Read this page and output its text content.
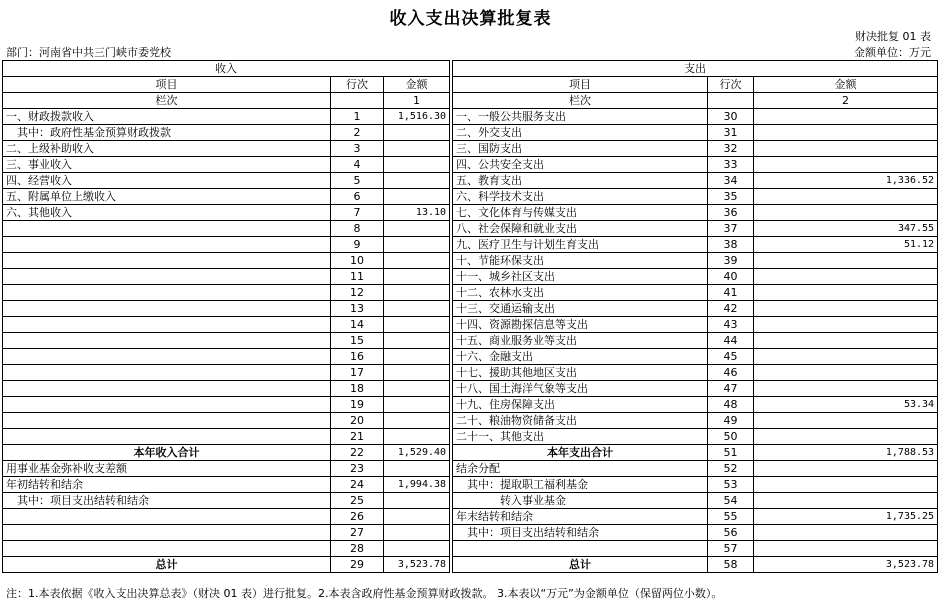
收入支出决算批复表
财决批复 01 表
部门：河南省中共三门峡市委党校	金额单位：万元
收入				支出		
项目	行次	金额		项目	行次	金额
栏次		1		栏次		2
一、财政拨款收入	1	1,516.30		一、一般公共服务支出	30	
　其中：政府性基金预算财政拨款	2			二、外交支出	31	
二、上级补助收入	3			三、国防支出	32	
三、事业收入	4			四、公共安全支出	33	
四、经营收入	5			五、教育支出	34	1,336.52
五、附属单位上缴收入	6			六、科学技术支出	35	
六、其他收入	7	13.10		七、文化体育与传媒支出	36	
	8			八、社会保障和就业支出	37	347.55
	9			九、医疗卫生与计划生育支出	38	51.12
	10			十、节能环保支出	39	
	11			十一、城乡社区支出	40	
	12			十二、农林水支出	41	
	13			十三、交通运输支出	42	
	14			十四、资源勘探信息等支出	43	
	15			十五、商业服务业等支出	44	
	16			十六、金融支出	45	
	17			十七、援助其他地区支出	46	
	18			十八、国土海洋气象等支出	47	
	19			十九、住房保障支出	48	53.34
	20			二十、粮油物资储备支出	49	
	21			二十一、其他支出	50	
本年收入合计	22	1,529.40		本年支出合计	51	1,788.53
用事业基金弥补收支差额	23			结余分配	52	
年初结转和结余	24	1,994.38		　其中：提取职工福利基金	53	
　其中：项目支出结转和结余	25			　　　　转入事业基金	54	
	26			年末结转和结余	55	1,735.25
	27			　其中：项目支出结转和结余	56	
	28				57	
总计	29	3,523.78		总计	58	3,523.78
注：1.本表依据《收入支出决算总表》（财决 01 表）进行批复。2.本表含政府性基金预算财政拨款。 3.本表以“万元”为金额单位（保留两位小数）。
